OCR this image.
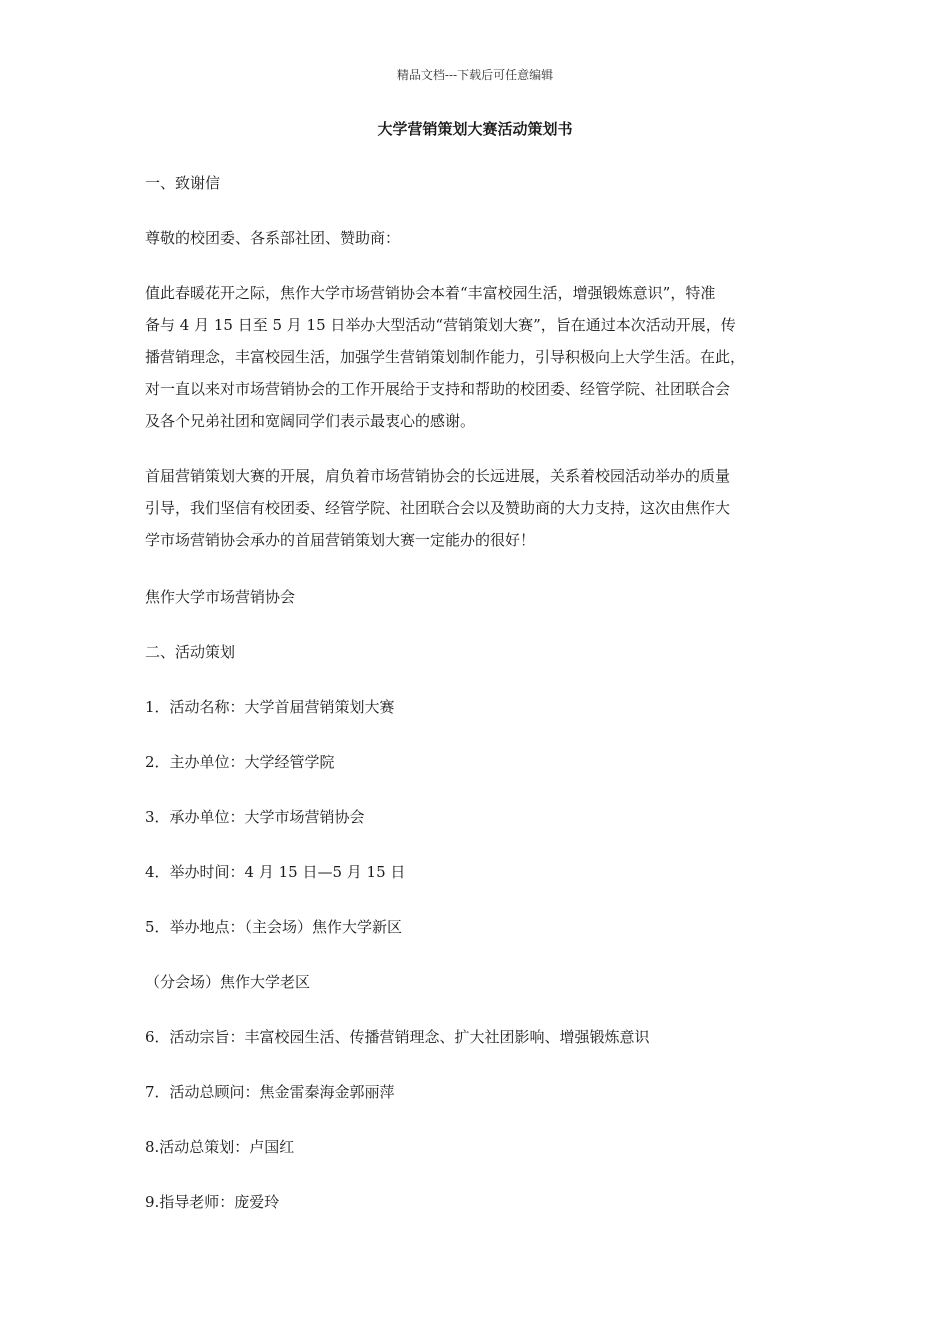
精品文档---下载后可任意编辑
大学营销策划大赛活动策划书
一、致谢信
尊敬的校团委、各系部社团、赞助商：
值此春暖花开之际，焦作大学市场营销协会本着“丰富校园生活，增强锻炼意识”，特准
备与 4 月 15 日至 5 月 15 日举办大型活动“营销策划大赛”，旨在通过本次活动开展，传
播营销理念，丰富校园生活，加强学生营销策划制作能力，引导积极向上大学生活。在此，
对一直以来对市场营销协会的工作开展给于支持和帮助的校团委、经管学院、社团联合会
及各个兄弟社团和宽阔同学们表示最衷心的感谢。
首届营销策划大赛的开展，肩负着市场营销协会的长远进展，关系着校园活动举办的质量
引导，我们坚信有校团委、经管学院、社团联合会以及赞助商的大力支持，这次由焦作大
学市场营销协会承办的首届营销策划大赛一定能办的很好！
焦作大学市场营销协会
二、活动策划
1．活动名称：大学首届营销策划大赛
2．主办单位：大学经管学院
3．承办单位：大学市场营销协会
4．举办时间：4 月 15 日—5 月 15 日
5．举办地点：（主会场）焦作大学新区
（分会场）焦作大学老区
6．活动宗旨：丰富校园生活、传播营销理念、扩大社团影响、增强锻炼意识
7．活动总顾问：焦金雷秦海金郭丽萍
8.活动总策划：卢国红
9.指导老师：庞爱玲
